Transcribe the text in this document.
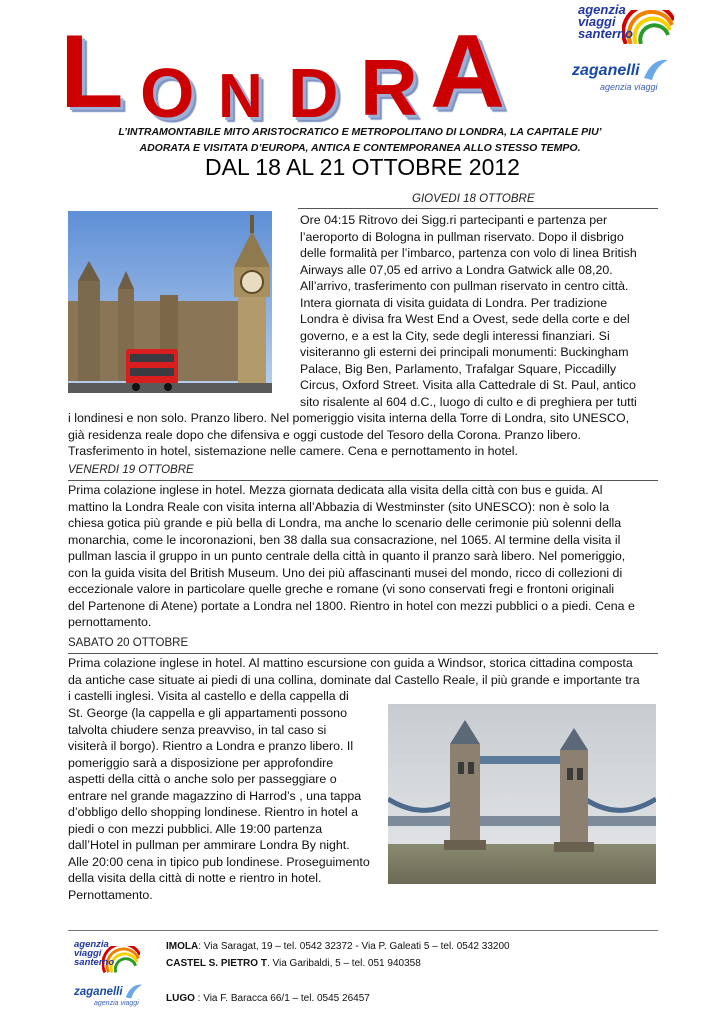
L O N D R A
agenzia
viaggi
santerno
zaganelli
agenzia viaggi
L’INTRAMONTABILE MITO ARISTOCRATICO E METROPOLITANO DI LONDRA, LA CAPITALE PIU’
ADORATA E VISITATA D’EUROPA, ANTICA E CONTEMPORANEA ALLO STESSO TEMPO.
DAL 18 AL 21 OTTOBRE 2012
GIOVEDI 18 OTTOBRE

Ore 04:15 Ritrovo dei Sigg.ri partecipanti e partenza per

l’aeroporto di Bologna in pullman riservato. Dopo il disbrigo

delle formalità per l’imbarco, partenza con volo di linea British

Airways alle 07,05 ed arrivo a Londra Gatwick alle 08,20.

All’arrivo, trasferimento con pullman riservato in centro città.

Intera giornata di visita guidata di Londra. Per tradizione

Londra è divisa fra West End a Ovest, sede della corte e del

governo, e a est la City, sede degli interessi finanziari. Si

visiteranno gli esterni dei principali monumenti: Buckingham

Palace, Big Ben, Parlamento, Trafalgar Square, Piccadilly

Circus, Oxford Street. Visita alla Cattedrale di St. Paul, antico

sito risalente al 604 d.C., luogo di culto e di preghiera per tutti

i londinesi e non solo. Pranzo libero. Nel pomeriggio visita interna della Torre di Londra, sito UNESCO,

già residenza reale dopo che difensiva e oggi custode del Tesoro della Corona. Pranzo libero.

Trasferimento in hotel, sistemazione nelle camere. Cena e pernottamento in hotel.

VENERDI 19 OTTOBRE

Prima colazione inglese in hotel. Mezza giornata dedicata alla visita della città con bus e guida. Al

mattino la Londra Reale con visita interna all’Abbazia di Westminster (sito UNESCO): non è solo la

chiesa gotica più grande e più bella di Londra, ma anche lo scenario delle cerimonie più solenni della

monarchia, come le incoronazioni, ben 38 dalla sua consacrazione, nel 1065. Al termine della visita il

pullman lascia il gruppo in un punto centrale della città in quanto il pranzo sarà libero. Nel pomeriggio,

con la guida visita del British Museum. Uno dei più affascinanti musei del mondo, ricco di collezioni di

eccezionale valore in particolare quelle greche e romane (vi sono conservati fregi e frontoni originali

del Partenone di Atene) portate a Londra nel 1800. Rientro in hotel con mezzi pubblici o a piedi. Cena e

pernottamento.

SABATO 20 OTTOBRE

Prima colazione inglese in hotel. Al mattino escursione con guida a Windsor, storica cittadina composta

da antiche case situate ai piedi di una collina, dominate dal Castello Reale, il più grande e importante tra

i castelli inglesi. Visita al castello e della cappella di

St. George (la cappella e gli appartamenti possono

talvolta chiudere senza preavviso, in tal caso si

visiterà il borgo). Rientro a Londra e pranzo libero. Il

pomeriggio sarà a disposizione per approfondire

aspetti della città o anche solo per passeggiare o

entrare nel grande magazzino di Harrod’s , una tappa

d’obbligo dello shopping londinese. Rientro in hotel a

piedi o con mezzi pubblici. Alle 19:00 partenza

dall’Hotel in pullman per ammirare Londra By night.

Alle 20:00 cena in tipico pub londinese. Proseguimento

della visita della città di notte e rientro in hotel.

Pernottamento.

agenzia
viaggi
santerno
zaganelli
agenzia viaggi
IMOLA: Via Saragat, 19 – tel. 0542 32372 - Via P. Galeati 5 – tel. 0542 33200
CASTEL S. PIETRO T. Via Garibaldi, 5 – tel. 051 940358
LUGO : Via F. Baracca 66/1 – tel. 0545 26457
